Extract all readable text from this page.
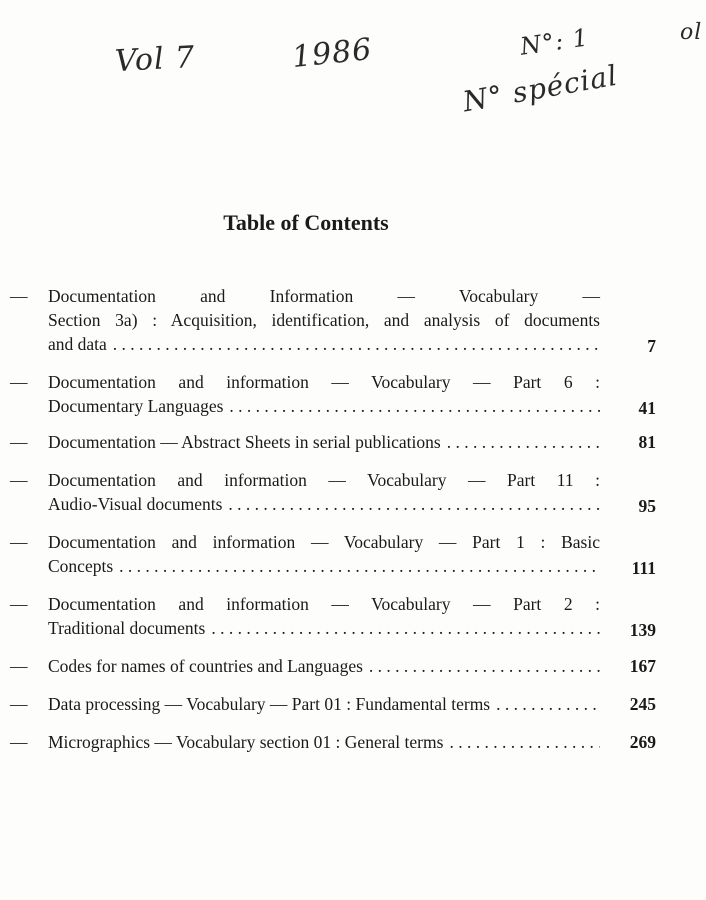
Vol 7	1986	N°: 1
N° spécial
ol
Table of Contents
—	Documentation and Information — Vocabulary —
Section 3a) : Acquisition, identification, and analysis of documents
and data . . .	7
—	Documentation and information — Vocabulary — Part 6 :
Documentary Languages . . .	41
—	Documentation — Abstract Sheets in serial publications . . .	81
—	Documentation and information — Vocabulary — Part 11 :
Audio-Visual documents . . .	95
—	Documentation and information — Vocabulary — Part 1 : Basic
Concepts . . .	111
—	Documentation and information — Vocabulary — Part 2 :
Traditional documents . . .	139
—	Codes for names of countries and Languages . . .	167
—	Data processing — Vocabulary — Part 01 : Fundamental terms . . .	245
—	Micrographics — Vocabulary section 01 : General terms . . .	269
